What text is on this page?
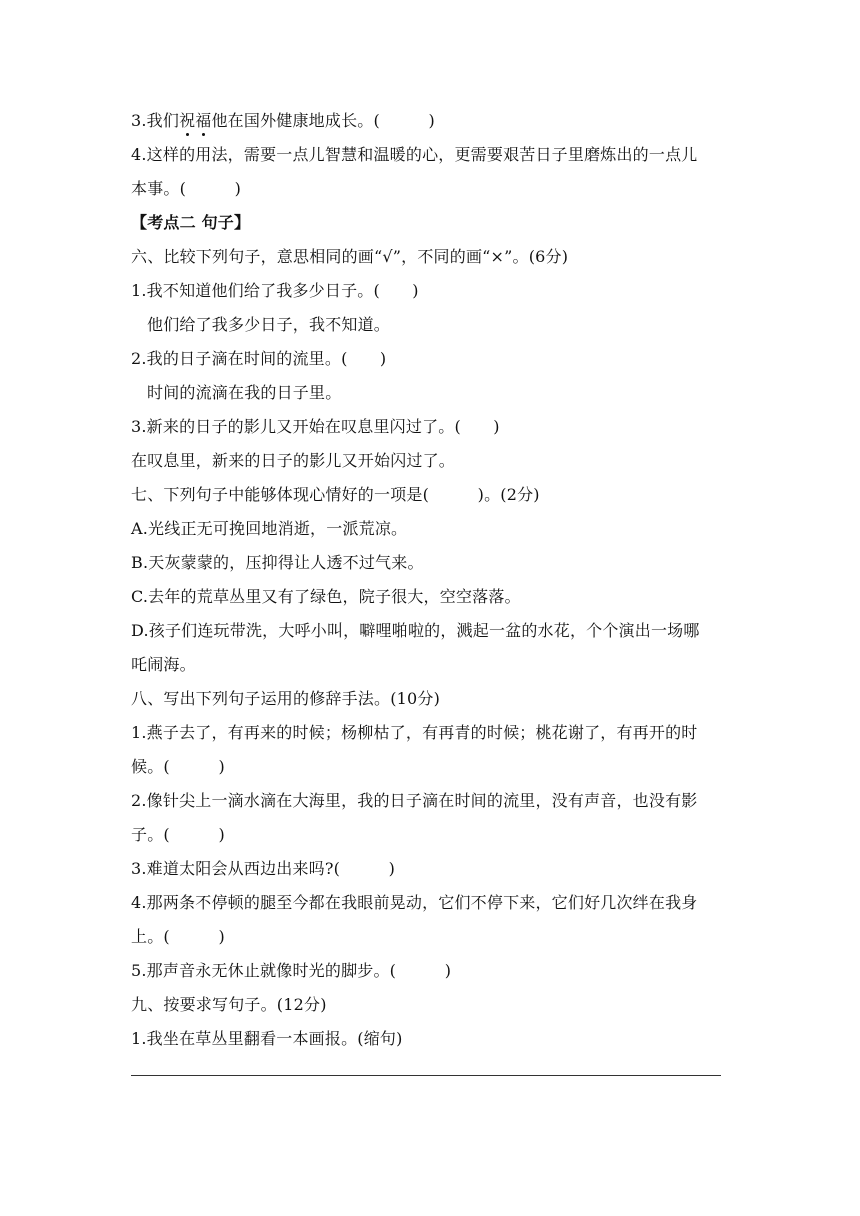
3.我们祝福他在国外健康地成长。(　　　)
4.这样的用法，需要一点儿智慧和温暖的心，更需要艰苦日子里磨炼出的一点儿
本事。(　　　)
【考点二 句子】
六、比较下列句子，意思相同的画“√”，不同的画“×”。(6分)
1.我不知道他们给了我多少日子。(　　)
他们给了我多少日子，我不知道。
2.我的日子滴在时间的流里。(　　)
时间的流滴在我的日子里。
3.新来的日子的影儿又开始在叹息里闪过了。(　　)
在叹息里，新来的日子的影儿又开始闪过了。
七、下列句子中能够体现心情好的一项是(　　　)。(2分)
A.光线正无可挽回地消逝，一派荒凉。
B.天灰蒙蒙的，压抑得让人透不过气来。
C.去年的荒草丛里又有了绿色，院子很大，空空落落。
D.孩子们连玩带洗，大呼小叫，噼哩啪啦的，溅起一盆的水花，个个演出一场哪
吒闹海。
八、写出下列句子运用的修辞手法。(10分)
1.燕子去了，有再来的时候；杨柳枯了，有再青的时候；桃花谢了，有再开的时
候。(　　　)
2.像针尖上一滴水滴在大海里，我的日子滴在时间的流里，没有声音，也没有影
子。(　　　)
3.难道太阳会从西边出来吗?(　　　)
4.那两条不停顿的腿至今都在我眼前晃动，它们不停下来，它们好几次绊在我身
上。(　　　)
5.那声音永无休止就像时光的脚步。(　　　)
九、按要求写句子。(12分)
1.我坐在草丛里翻看一本画报。(缩句)
